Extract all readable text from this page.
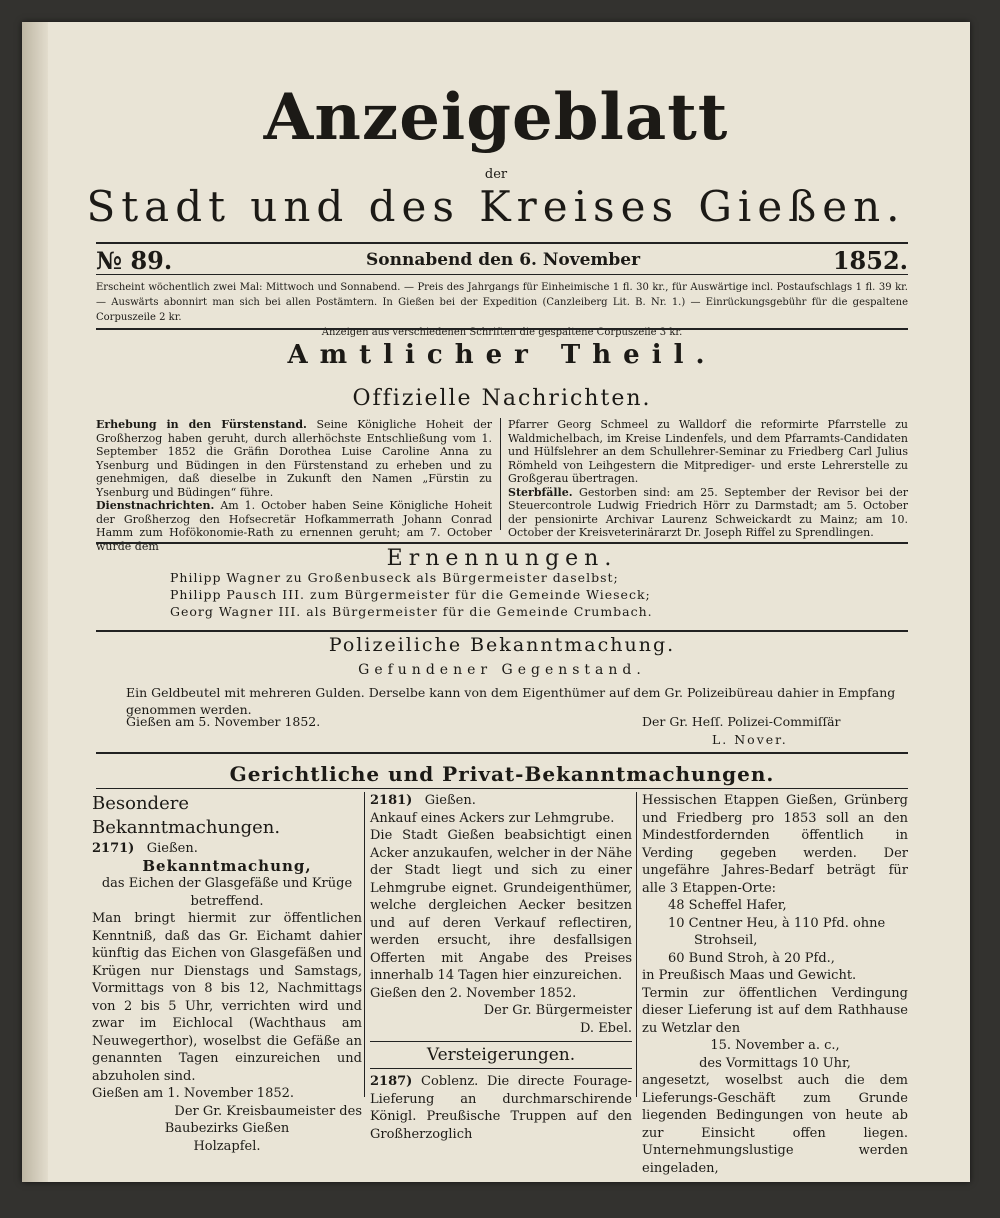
Anzeigeblatt
der
Stadt und des Kreises Gießen.
№ 89.	Sonnabend den 6. November	1852.
Erscheint wöchentlich zwei Mal: Mittwoch und Sonnabend. — Preis des Jahrgangs für Einheimische 1 fl. 30 kr., für Auswärtige incl. Postaufschlags 1 fl. 39 kr. — Auswärts abonnirt man sich bei allen Postämtern. In Gießen bei der Expedition (Canzleiberg Lit. B. Nr. 1.) — Einrückungsgebühr für die gespaltene Corpuszeile 2 kr.
Anzeigen aus verschiedenen Schriften die gespaltene Corpuszeile 3 kr.
Amtlicher Theil.
Offizielle Nachrichten.
Erhebung in den Fürstenstand. Seine Königliche Hoheit der Großherzog haben geruht, durch allerhöchste Entschließung vom 1. September 1852 die Gräfin Dorothea Luise Caroline Anna zu Ysenburg und Büdingen in den Fürstenstand zu erheben und zu genehmigen, daß dieselbe in Zukunft den Namen „Fürstin zu Ysenburg und Büdingen“ führe.
Dienstnachrichten. Am 1. October haben Seine Königliche Hoheit der Großherzog den Hofsecretär Hofkammerrath Johann Conrad Hamm zum Hofökonomie-Rath zu ernennen geruht; am 7. October wurde dem
Pfarrer Georg Schmeel zu Walldorf die reformirte Pfarrstelle zu Waldmichelbach, im Kreise Lindenfels, und dem Pfarramts-Candidaten und Hülfslehrer an dem Schullehrer-Seminar zu Friedberg Carl Julius Römheld von Leihgestern die Mitprediger- und erste Lehrerstelle zu Großgerau übertragen.
Sterbfälle. Gestorben sind: am 25. September der Revisor bei der Steuercontrole Ludwig Friedrich Hörr zu Darmstadt; am 5. October der pensionirte Archivar Laurenz Schweickardt zu Mainz; am 10. October der Kreisveterinärarzt Dr. Joseph Riffel zu Sprendlingen.
Ernennungen.
Philipp Wagner zu Großenbuseck als Bürgermeister daselbst;
Philipp Pausch III. zum Bürgermeister für die Gemeinde Wieseck;
Georg Wagner III. als Bürgermeister für die Gemeinde Crumbach.
Polizeiliche Bekanntmachung.
Gefundener Gegenstand.
Ein Geldbeutel mit mehreren Gulden. Derselbe kann von dem Eigenthümer auf dem Gr. Polizeibüreau dahier in Empfang genommen werden.
Gießen am 5. November 1852.	Der Gr. Heſſ. Polizei-Commiſſär
L. Nover.
Gerichtliche und Privat-Bekanntmachungen.
Besondere Bekanntmachungen.
2171) Gießen.
Bekanntmachung,
das Eichen der Glasgefäße und Krüge betreffend.
Man bringt hiermit zur öffentlichen Kenntniß, daß das Gr. Eichamt dahier künftig das Eichen von Glasgefäßen und Krügen nur Dienstags und Samstags, Vormittags von 8 bis 12, Nachmittags von 2 bis 5 Uhr, verrichten wird und zwar im Eichlocal (Wachthaus am Neuwegerthor), woselbst die Gefäße an genannten Tagen einzureichen und abzuholen sind.
Gießen am 1. November 1852.
Der Gr. Kreisbaumeister des
Baubezirks Gießen
Holzapfel.
2181) Gießen.
Ankauf eines Ackers zur Lehmgrube.
Die Stadt Gießen beabsichtigt einen Acker anzukaufen, welcher in der Nähe der Stadt liegt und sich zu einer Lehmgrube eignet. Grundeigenthümer, welche dergleichen Aecker besitzen und auf deren Verkauf reflectiren, werden ersucht, ihre desfallsigen Offerten mit Angabe des Preises innerhalb 14 Tagen hier einzureichen.
Gießen den 2. November 1852.
Der Gr. Bürgermeister
D. Ebel.
Versteigerungen.
2187) Coblenz. Die directe Fourage-Lieferung an durchmarschirende Königl. Preußische Truppen auf den Großherzoglich
Hessischen Etappen Gießen, Grünberg und Friedberg pro 1853 soll an den Mindestfordernden öffentlich in Verding gegeben werden. Der ungefähre Jahres-Bedarf beträgt für alle 3 Etappen-Orte:
48 Scheffel Hafer,
10 Centner Heu, à 110 Pfd. ohne
Strohseil,
60 Bund Stroh, à 20 Pfd.,
in Preußisch Maas und Gewicht.
Termin zur öffentlichen Verdingung dieser Lieferung ist auf dem Rathhause zu Wetzlar den
15. November a. c.,
des Vormittags 10 Uhr,
angesetzt, woselbst auch die dem Lieferungs-Geschäft zum Grunde liegenden Bedingungen von heute ab zur Einsicht offen liegen. Unternehmungslustige werden eingeladen,
